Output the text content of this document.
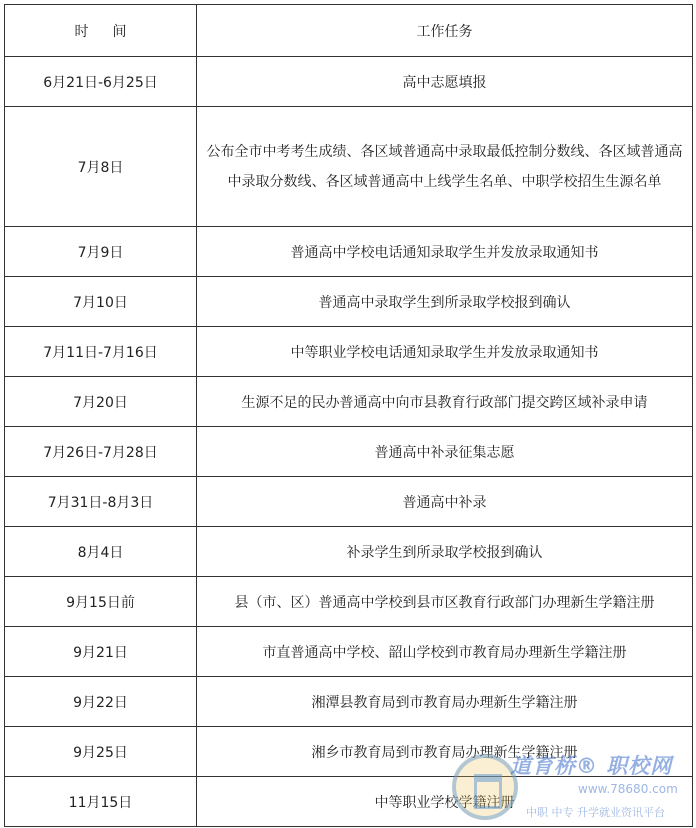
时 间	工作任务
6月21日-6月25日	高中志愿填报
7月8日	公布全市中考考生成绩、各区域普通高中录取最低控制分数线、各区域普通高中录取分数线、各区域普通高中上线学生名单、中职学校招生生源名单
7月9日	普通高中学校电话通知录取学生并发放录取通知书
7月10日	普通高中录取学生到所录取学校报到确认
7月11日-7月16日	中等职业学校电话通知录取学生并发放录取通知书
7月20日	生源不足的民办普通高中向市县教育行政部门提交跨区域补录申请
7月26日-7月28日	普通高中补录征集志愿
7月31日-8月3日	普通高中补录
8月4日	补录学生到所录取学校报到确认
9月15日前	县（市、区）普通高中学校到县市区教育行政部门办理新生学籍注册
9月21日	市直普通高中学校、韶山学校到市教育局办理新生学籍注册
9月22日	湘潭县教育局到市教育局办理新生学籍注册
9月25日	湘乡市教育局到市教育局办理新生学籍注册
11月15日	中等职业学校学籍注册
道育桥® 职校网
www.78680.com
中职 中专 升学就业资讯平台
